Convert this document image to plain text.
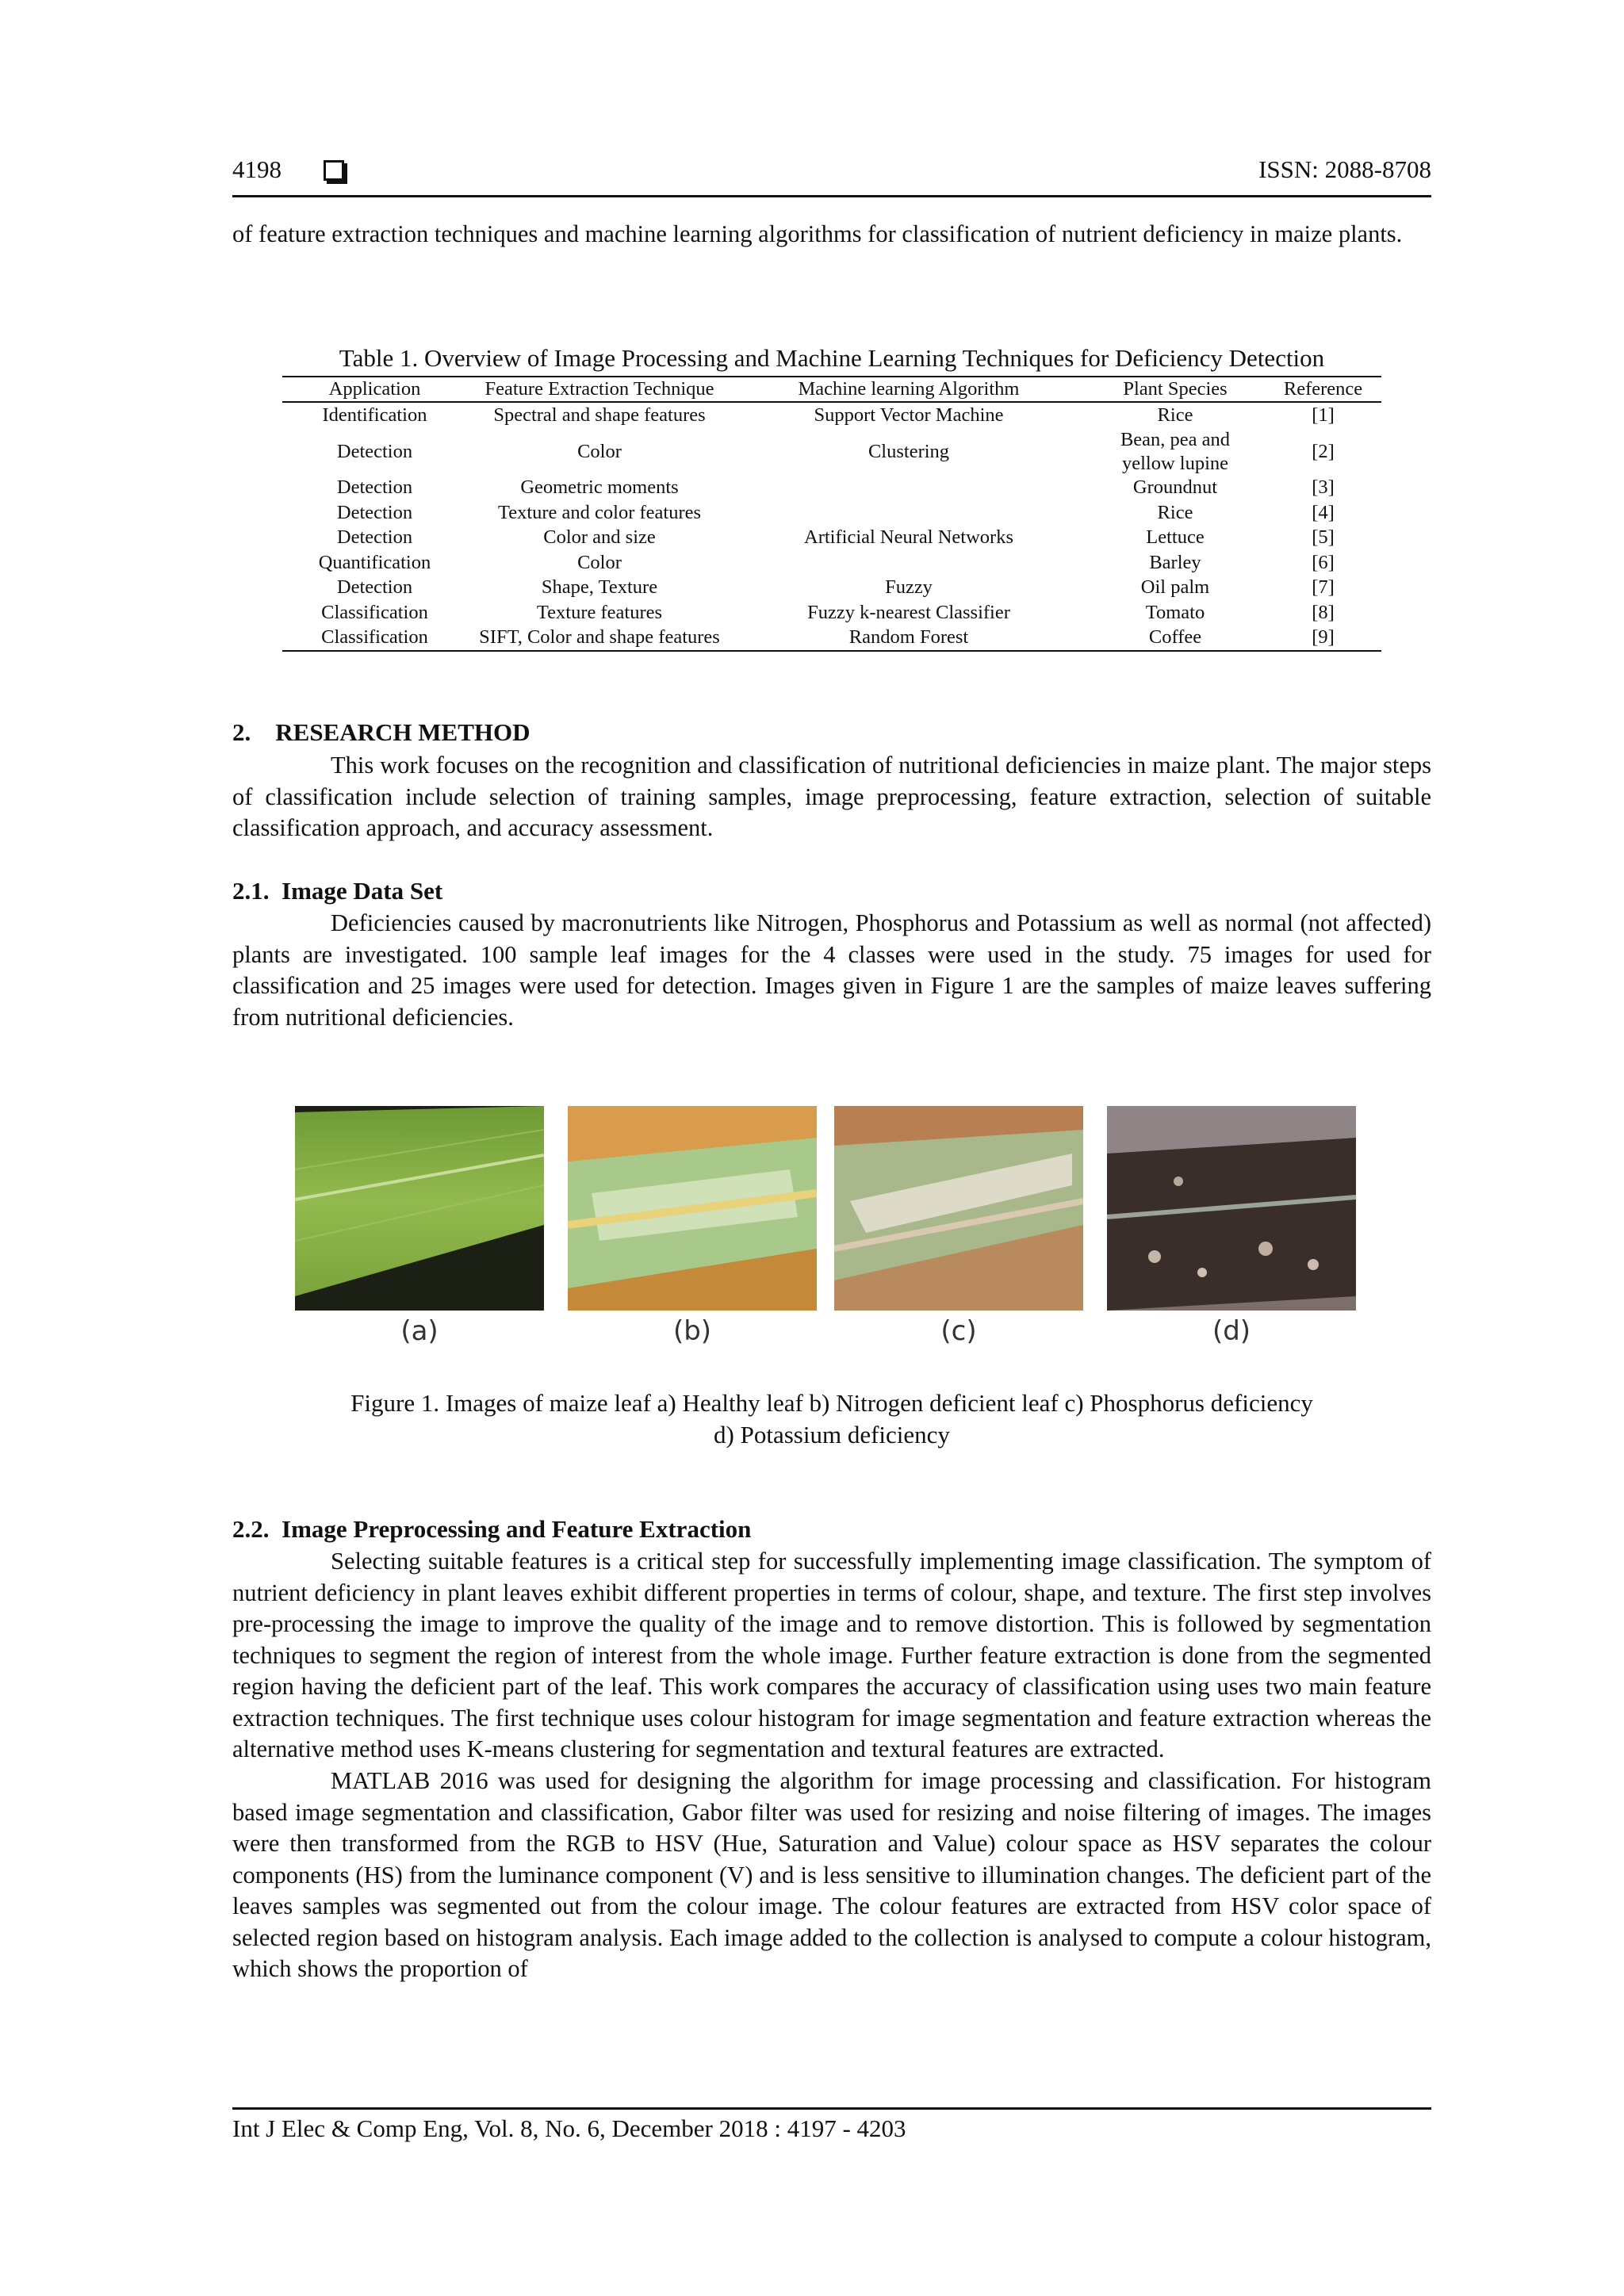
4198	ISSN: 2088-8708
of feature extraction techniques and machine learning algorithms for classification of nutrient deficiency in maize plants.
Table 1. Overview of Image Processing and Machine Learning Techniques for Deficiency Detection
Application	Feature Extraction Technique	Machine learning Algorithm	Plant Species	Reference
Identification	Spectral and shape features	Support Vector Machine	Rice	[1]
Detection	Color	Clustering	Bean, pea and yellow lupine	[2]
Detection	Geometric moments		Groundnut	[3]
Detection	Texture and color features		Rice	[4]
Detection	Color and size	Artificial Neural Networks	Lettuce	[5]
Quantification	Color		Barley	[6]
Detection	Shape, Texture	Fuzzy	Oil palm	[7]
Classification	Texture features	Fuzzy k-nearest Classifier	Tomato	[8]
Classification	SIFT, Color and shape features	Random Forest	Coffee	[9]
2.    RESEARCH METHOD
This work focuses on the recognition and classification of nutritional deficiencies in maize plant. The major steps of classification include selection of training samples, image preprocessing, feature extraction, selection of suitable classification approach, and accuracy assessment.
2.1.  Image Data Set
Deficiencies caused by macronutrients like Nitrogen, Phosphorus and Potassium as well as normal (not affected) plants are investigated. 100 sample leaf images for the 4 classes were used in the study. 75 images for used for classification and 25 images were used for detection. Images given in Figure 1 are the samples of maize leaves suffering from nutritional deficiencies.
(a)	(b)	(c)	(d)
Figure 1. Images of maize leaf a) Healthy leaf b) Nitrogen deficient leaf c) Phosphorus deficiency
d) Potassium deficiency
2.2.  Image Preprocessing and Feature Extraction
Selecting suitable features is a critical step for successfully implementing image classification. The symptom of nutrient deficiency in plant leaves exhibit different properties in terms of colour, shape, and texture. The first step involves pre-processing the image to improve the quality of the image and to remove distortion. This is followed by segmentation techniques to segment the region of interest from the whole image. Further feature extraction is done from the segmented region having the deficient part of the leaf. This work compares the accuracy of classification using uses two main feature extraction techniques. The first technique uses colour histogram for image segmentation and feature extraction whereas the alternative method uses K-means clustering for segmentation and textural features are extracted.
MATLAB 2016 was used for designing the algorithm for image processing and classification. For histogram based image segmentation and classification, Gabor filter was used for resizing and noise filtering of images. The images were then transformed from the RGB to HSV (Hue, Saturation and Value) colour space as HSV separates the colour components (HS) from the luminance component (V) and is less sensitive to illumination changes. The deficient part of the leaves samples was segmented out from the colour image. The colour features are extracted from HSV color space of selected region based on histogram analysis. Each image added to the collection is analysed to compute a colour histogram, which shows the proportion of
Int J Elec & Comp Eng, Vol. 8, No. 6, December 2018 : 4197 - 4203
